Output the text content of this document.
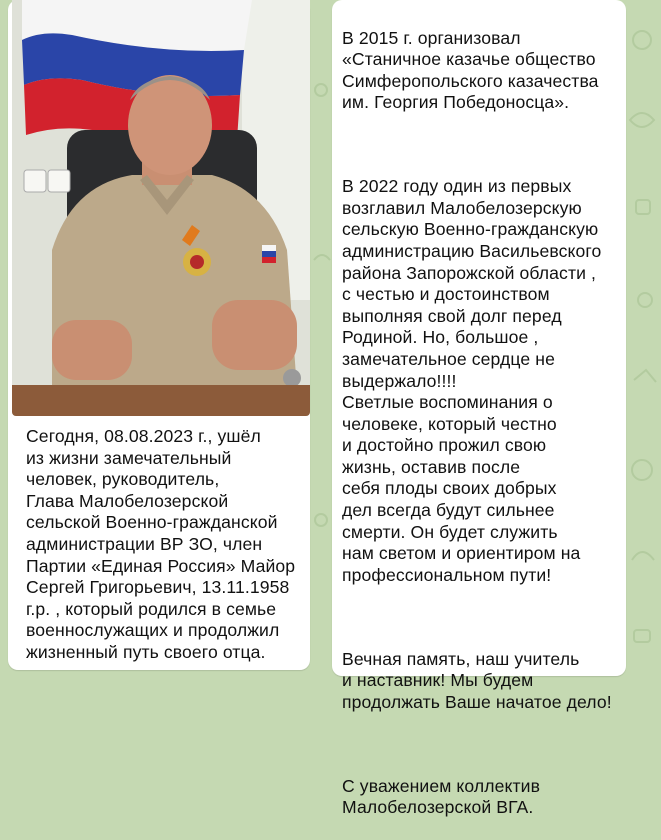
Сегодня, 08.08.2023 г., ушёл
из жизни замечательный
человек, руководитель,
Глава Малобелозерской
сельской Военно-гражданской
администрации ВР ЗО, член
Партии «Единая Россия» Майор
Сергей Григорьевич, 13.11.1958
г.р. , который родился в семье
военнослужащих и продолжил
жизненный путь своего отца.

В 2015 г. организовал
«Станичное казачье общество
Симферопольского казачества
им. Георгия Победоносца».

В 2022 году один из первых
возглавил Малобелозерскую
сельскую Военно-гражданскую
администрацию Васильевского
района Запорожской области ,
с честью и достоинством
выполняя свой долг перед
Родиной. Но, большое ,
замечательное сердце не
выдержало!!!!
Светлые воспоминания о
человеке, который честно
и достойно прожил свою
жизнь, оставив после
себя плоды своих добрых
дел всегда будут сильнее
смерти. Он будет служить
нам светом и ориентиром на
профессиональном пути!

Вечная память, наш учитель
и наставник! Мы будем
продолжать Ваше начатое дело!

С уважением коллектив
Малобелозерской ВГА.
